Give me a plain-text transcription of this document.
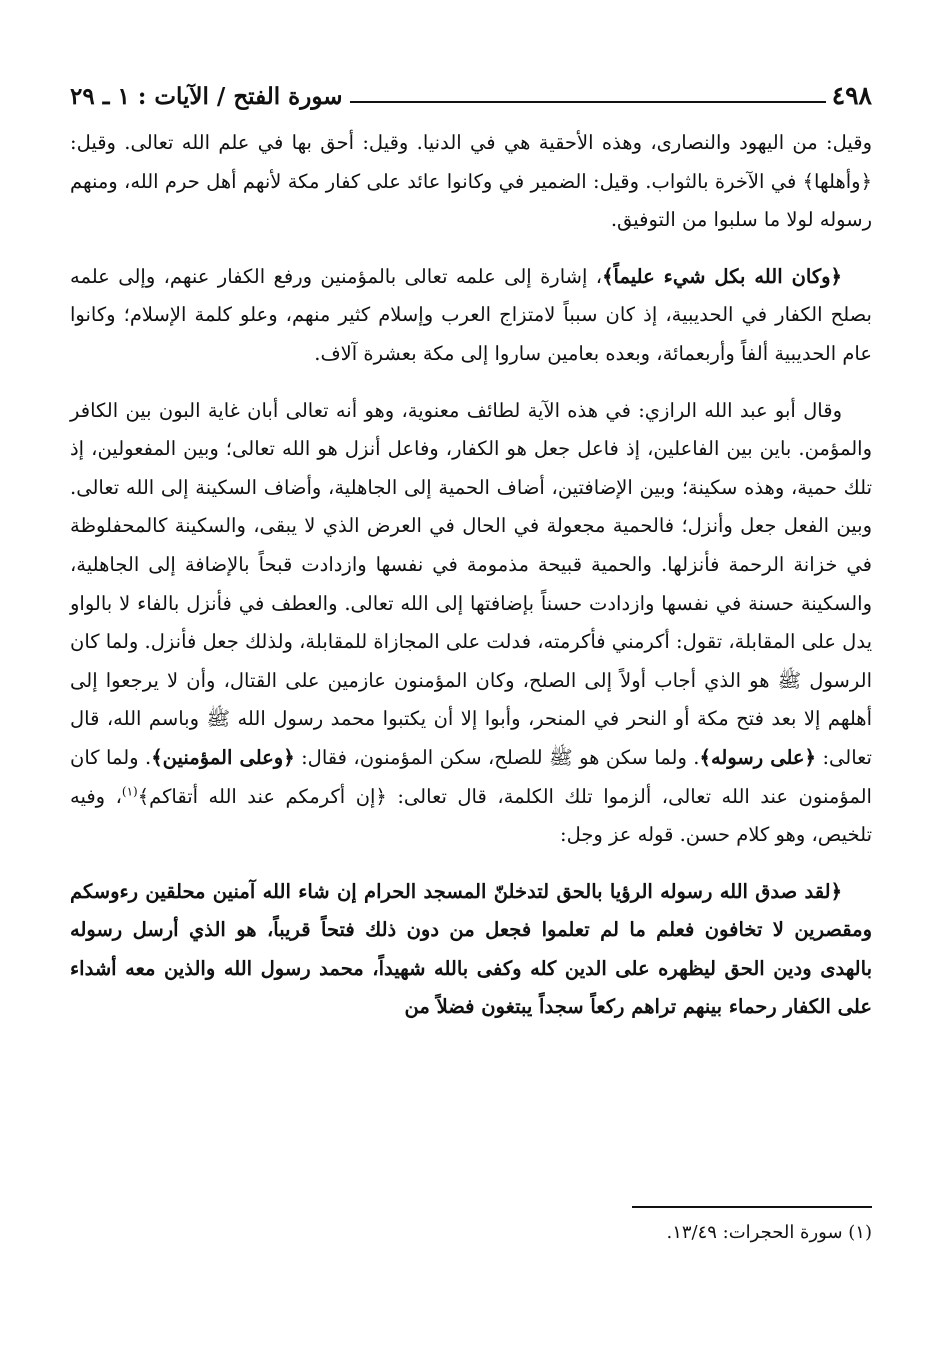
٤٩٨
سورة الفتح / الآيات : ١ ـ ٢٩

وقيل: من اليهود والنصارى، وهذه الأحقية هي في الدنيا. وقيل: أحق بها في علم الله تعالى. وقيل: ﴿وأهلها﴾ في الآخرة بالثواب. وقيل: الضمير في وكانوا عائد على كفار مكة لأنهم أهل حرم الله، ومنهم رسوله لولا ما سلبوا من التوفيق.

﴿وكان الله بكل شيء عليماً﴾، إشارة إلى علمه تعالى بالمؤمنين ورفع الكفار عنهم، وإلى علمه بصلح الكفار في الحديبية، إذ كان سبباً لامتزاج العرب وإسلام كثير منهم، وعلو كلمة الإسلام؛ وكانوا عام الحديبية ألفاً وأربعمائة، وبعده بعامين ساروا إلى مكة بعشرة آلاف.

وقال أبو عبد الله الرازي: في هذه الآية لطائف معنوية، وهو أنه تعالى أبان غاية البون بين الكافر والمؤمن. باين بين الفاعلين، إذ فاعل جعل هو الكفار، وفاعل أنزل هو الله تعالى؛ وبين المفعولين، إذ تلك حمية، وهذه سكينة؛ وبين الإضافتين، أضاف الحمية إلى الجاهلية، وأضاف السكينة إلى الله تعالى. وبين الفعل جعل وأنزل؛ فالحمية مجعولة في الحال في العرض الذي لا يبقى، والسكينة كالمحفلوظة في خزانة الرحمة فأنزلها. والحمية قبيحة مذمومة في نفسها وازدادت قبحاً بالإضافة إلى الجاهلية، والسكينة حسنة في نفسها وازدادت حسناً بإضافتها إلى الله تعالى. والعطف في فأنزل بالفاء لا بالواو يدل على المقابلة، تقول: أكرمني فأكرمته، فدلت على المجازاة للمقابلة، ولذلك جعل فأنزل. ولما كان الرسول ﷺ هو الذي أجاب أولاً إلى الصلح، وكان المؤمنون عازمين على القتال، وأن لا يرجعوا إلى أهلهم إلا بعد فتح مكة أو النحر في المنحر، وأبوا إلا أن يكتبوا محمد رسول الله ﷺ وباسم الله، قال تعالى: ﴿على رسوله﴾. ولما سكن هو ﷺ للصلح، سكن المؤمنون، فقال: ﴿وعلى المؤمنين﴾. ولما كان المؤمنون عند الله تعالى، ألزموا تلك الكلمة، قال تعالى: ﴿إن أكرمكم عند الله أتقاكم﴾$^{(١)}$، وفيه تلخيص، وهو كلام حسن. قوله عز وجل:

﴿لقد صدق الله رسوله الرؤيا بالحق لتدخلنّ المسجد الحرام إن شاء الله آمنين محلقين رءوسكم ومقصرين لا تخافون فعلم ما لم تعلموا فجعل من دون ذلك فتحاً قريباً، هو الذي أرسل رسوله بالهدى ودين الحق ليظهره على الدين كله وكفى بالله شهيداً، محمد رسول الله والذين معه أشداء على الكفار رحماء بينهم تراهم ركعاً سجداً يبتغون فضلاً من

(١) سورة الحجرات: ١٣/٤٩.
